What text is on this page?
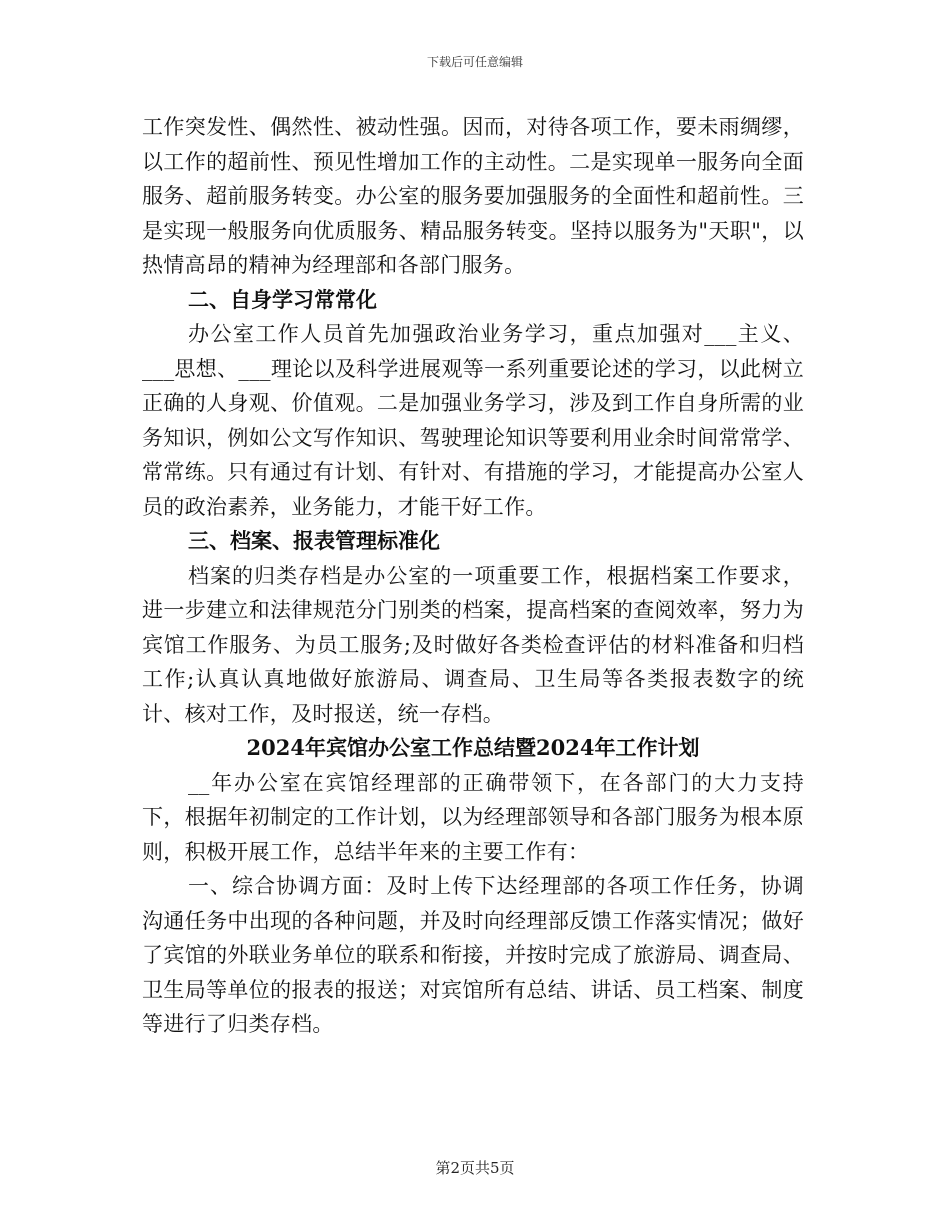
下载后可任意编辑

工作突发性、偶然性、被动性强。因而，对待各项工作，要未雨绸缪，以工作的超前性、预见性增加工作的主动性。二是实现单一服务向全面服务、超前服务转变。办公室的服务要加强服务的全面性和超前性。三是实现一般服务向优质服务、精品服务转变。坚持以服务为"天职"，以热情高昂的精神为经理部和各部门服务。

二、自身学习常常化

办公室工作人员首先加强政治业务学习，重点加强对___主义、___思想、___理论以及科学进展观等一系列重要论述的学习，以此树立正确的人身观、价值观。二是加强业务学习，涉及到工作自身所需的业务知识，例如公文写作知识、驾驶理论知识等要利用业余时间常常学、常常练。只有通过有计划、有针对、有措施的学习，才能提高办公室人员的政治素养，业务能力，才能干好工作。

三、档案、报表管理标准化

档案的归类存档是办公室的一项重要工作，根据档案工作要求，进一步建立和法律规范分门别类的档案，提高档案的查阅效率，努力为宾馆工作服务、为员工服务;及时做好各类检查评估的材料准备和归档工作;认真认真地做好旅游局、调查局、卫生局等各类报表数字的统计、核对工作，及时报送，统一存档。

2024年宾馆办公室工作总结暨2024年工作计划

__年办公室在宾馆经理部的正确带领下，在各部门的大力支持下，根据年初制定的工作计划，以为经理部领导和各部门服务为根本原则，积极开展工作，总结半年来的主要工作有：

一、综合协调方面：及时上传下达经理部的各项工作任务，协调沟通任务中出现的各种问题，并及时向经理部反馈工作落实情况；做好了宾馆的外联业务单位的联系和衔接，并按时完成了旅游局、调查局、卫生局等单位的报表的报送；对宾馆所有总结、讲话、员工档案、制度等进行了归类存档。

第2页共5页
